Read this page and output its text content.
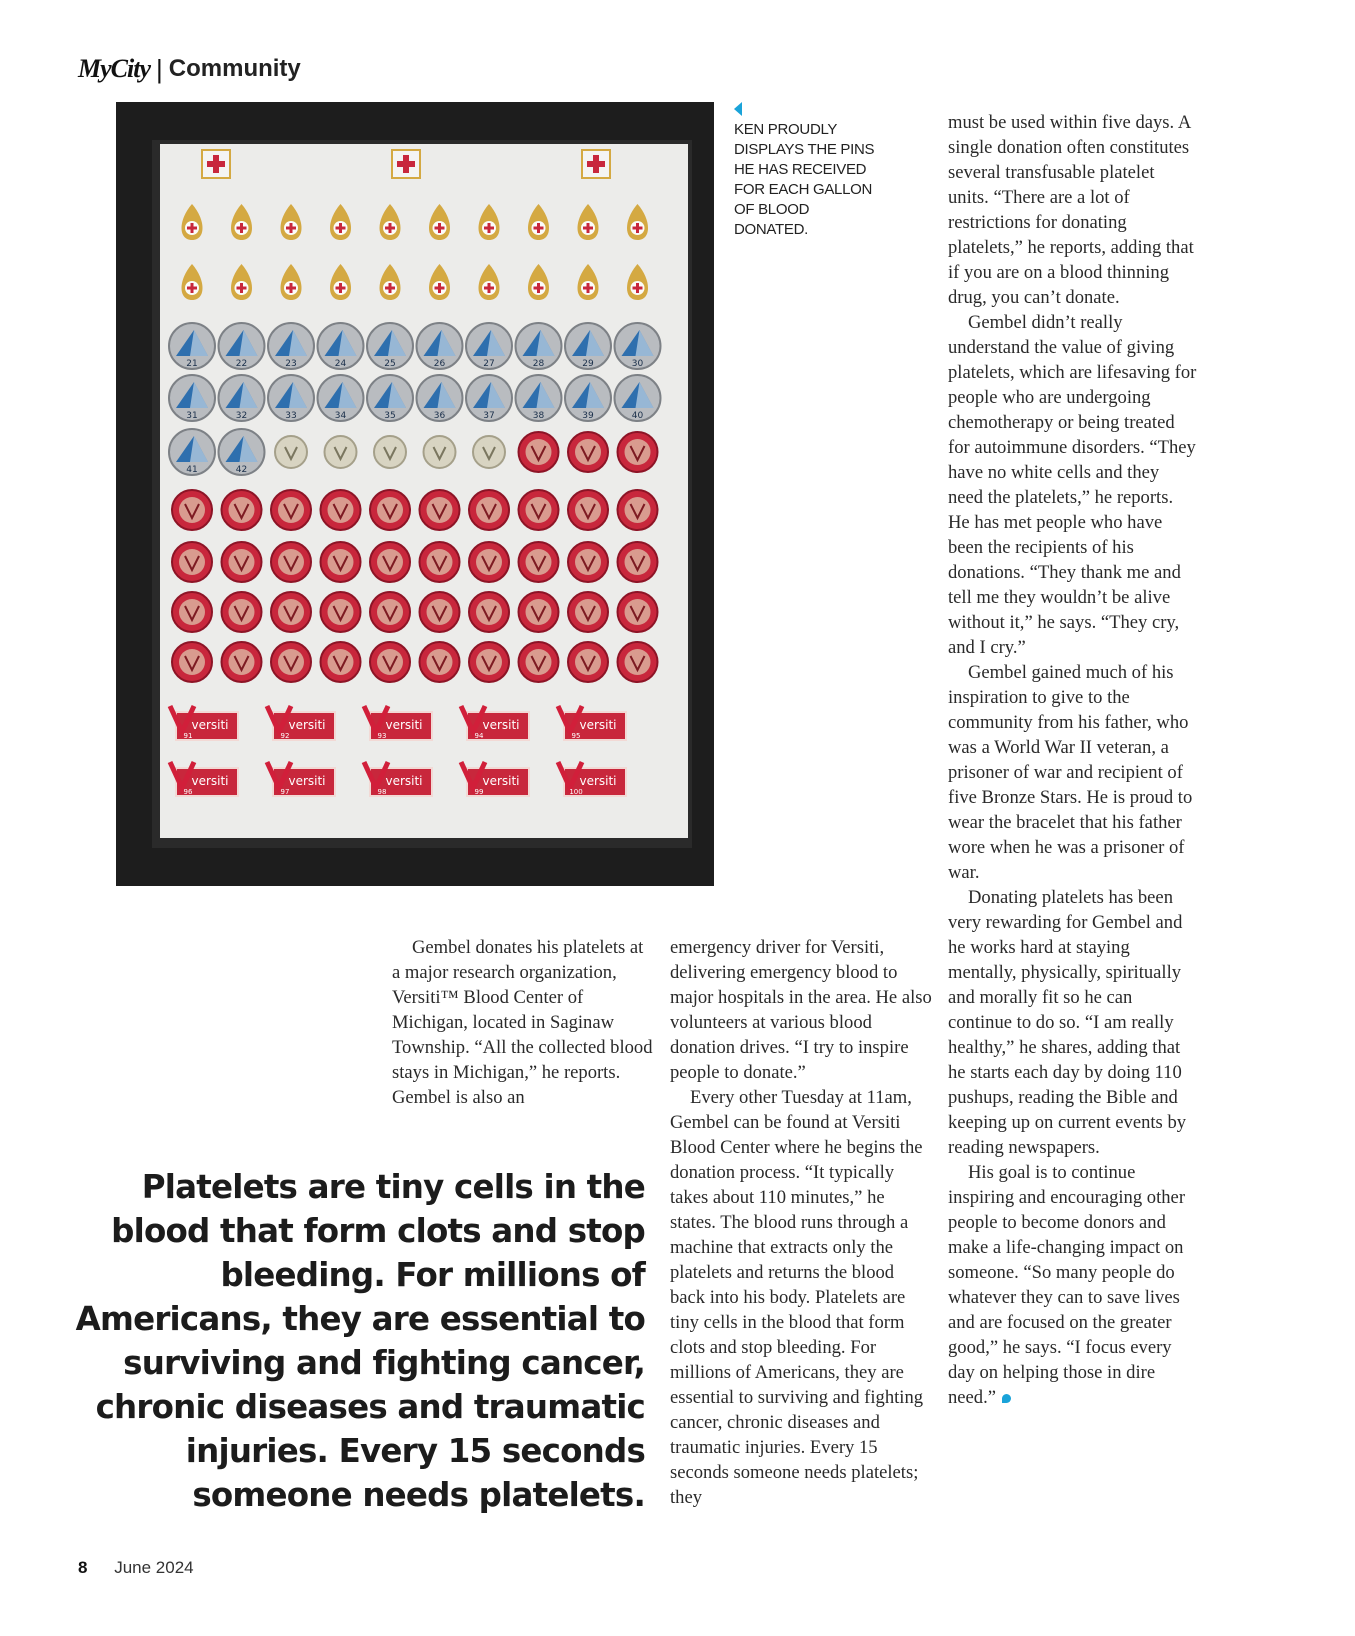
MyCity | Community
21	22	23	24	25	26	27	28	29	30
31	32	33	34	35	36	37	38	39	40
41	42
versiti
91
versiti
92
versiti
93
versiti
94
versiti
95
versiti
96
versiti
97
versiti
98
versiti
99
versiti
100

KEN PROUDLY DISPLAYS THE PINS HE HAS RECEIVED FOR EACH GALLON OF BLOOD DONATED.

Gembel donates his platelets at a major research organization, Versiti™ Blood Center of Michigan, located in Saginaw Township. “All the collected blood stays in Michigan,” he reports. Gembel is also an

emergency driver for Versiti, delivering emergency blood to major hospitals in the area. He also volunteers at various blood donation drives. “I try to inspire people to donate.”

Every other Tuesday at 11am, Gembel can be found at Versiti Blood Center where he begins the donation process. “It typically takes about 110 minutes,” he states. The blood runs through a machine that extracts only the platelets and returns the blood back into his body. Platelets are tiny cells in the blood that form clots and stop bleeding. For millions of Americans, they are essential to surviving and fighting cancer, chronic diseases and traumatic injuries. Every 15 seconds someone needs platelets; they

must be used within five days. A single donation often constitutes several transfusable platelet units. “There are a lot of restrictions for donating platelets,” he reports, adding that if you are on a blood thinning drug, you can’t donate.

Gembel didn’t really understand the value of giving platelets, which are lifesaving for people who are undergoing chemotherapy or being treated for autoimmune disorders. “They have no white cells and they need the platelets,” he reports. He has met people who have been the recipients of his donations. “They thank me and tell me they wouldn’t be alive without it,” he says. “They cry, and I cry.”

Gembel gained much of his inspiration to give to the community from his father, who was a World War II veteran, a prisoner of war and recipient of five Bronze Stars. He is proud to wear the bracelet that his father wore when he was a prisoner of war.

Donating platelets has been very rewarding for Gembel and he works hard at staying mentally, physically, spiritually and morally fit so he can continue to do so. “I am really healthy,” he shares, adding that he starts each day by doing 110 pushups, reading the Bible and keeping up on current events by reading newspapers.

His goal is to continue inspiring and encouraging other people to become donors and make a life-changing impact on someone. “So many people do whatever they can to save lives and are focused on the greater good,” he says. “I focus every day on helping those in dire need.”

Platelets are tiny cells in the blood that form clots and stop bleeding. For millions of Americans, they are essential to surviving and fighting cancer, chronic diseases and traumatic injuries. Every 15 seconds someone needs platelets.
8 June 2024
